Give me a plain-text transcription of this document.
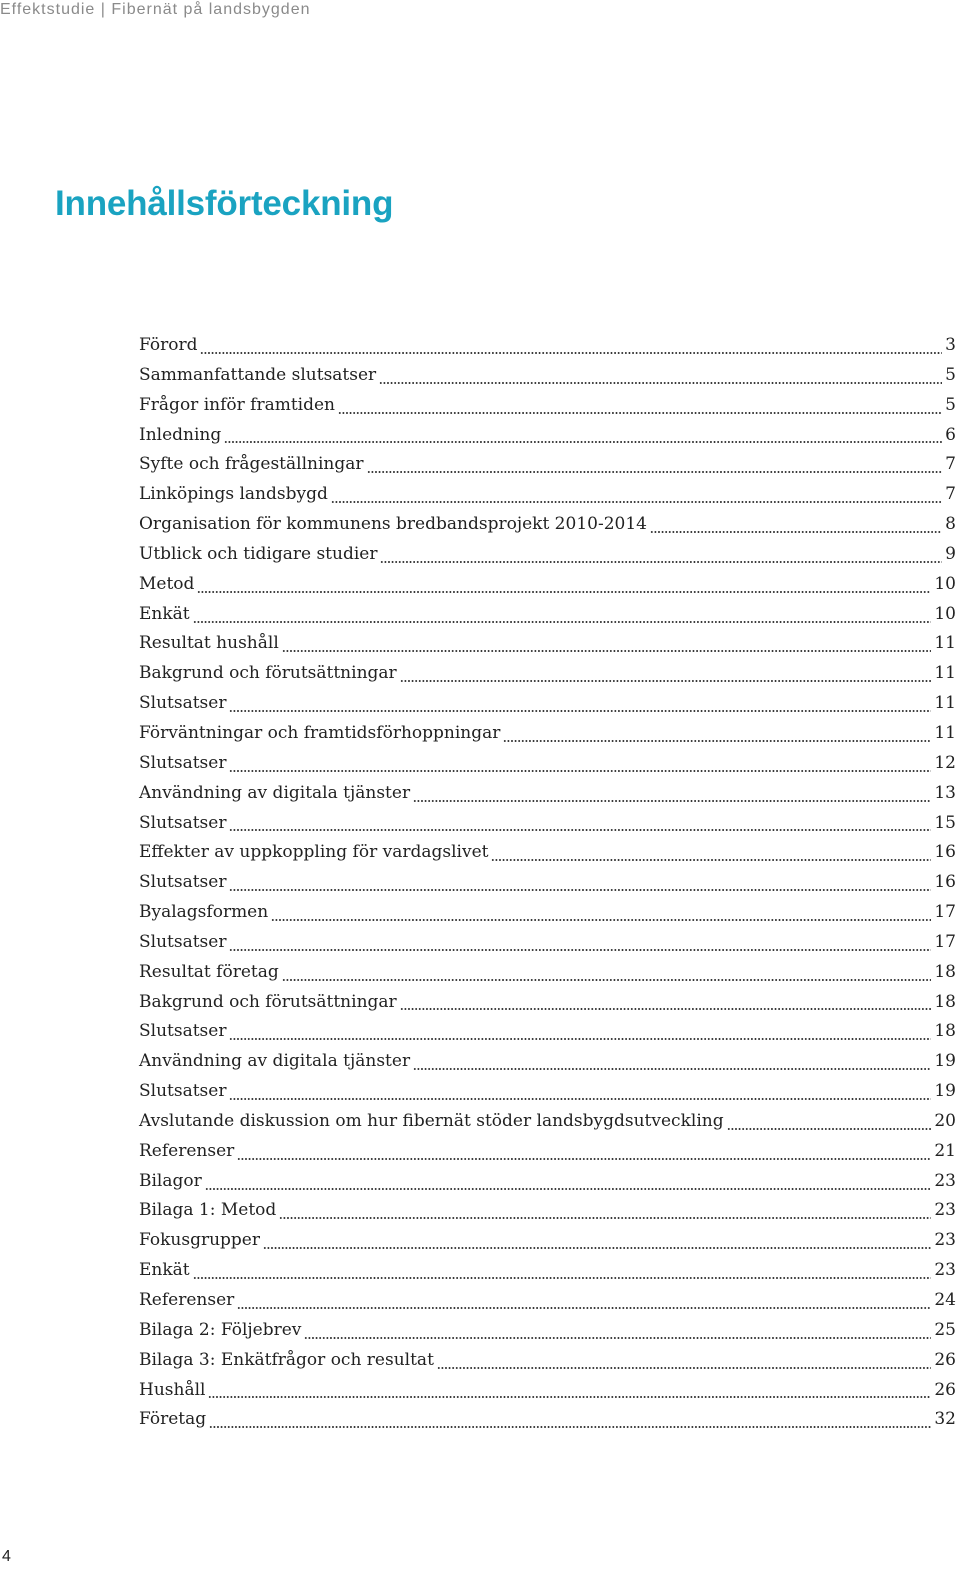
Effektstudie | Fibernät på landsbygden
Innehållsförteckning
Förord	3
Sammanfattande slutsatser	5
Frågor inför framtiden	5
Inledning	6
Syfte och frågeställningar	7
Linköpings landsbygd	7
Organisation för kommunens bredbandsprojekt 2010-2014	8
Utblick och tidigare studier	9
Metod	10
Enkät	10
Resultat hushåll	11
Bakgrund och förutsättningar	11
Slutsatser	11
Förväntningar och framtidsförhoppningar	11
Slutsatser	12
Användning av digitala tjänster	13
Slutsatser	15
Effekter av uppkoppling för vardagslivet	16
Slutsatser	16
Byalagsformen	17
Slutsatser	17
Resultat företag	18
Bakgrund och förutsättningar	18
Slutsatser	18
Användning av digitala tjänster	19
Slutsatser	19
Avslutande diskussion om hur fibernät stöder landsbygdsutveckling	20
Referenser	21
Bilagor	23
Bilaga 1: Metod	23
Fokusgrupper	23
Enkät	23
Referenser	24
Bilaga 2: Följebrev	25
Bilaga 3: Enkätfrågor och resultat	26
Hushåll	26
Företag	32
4
